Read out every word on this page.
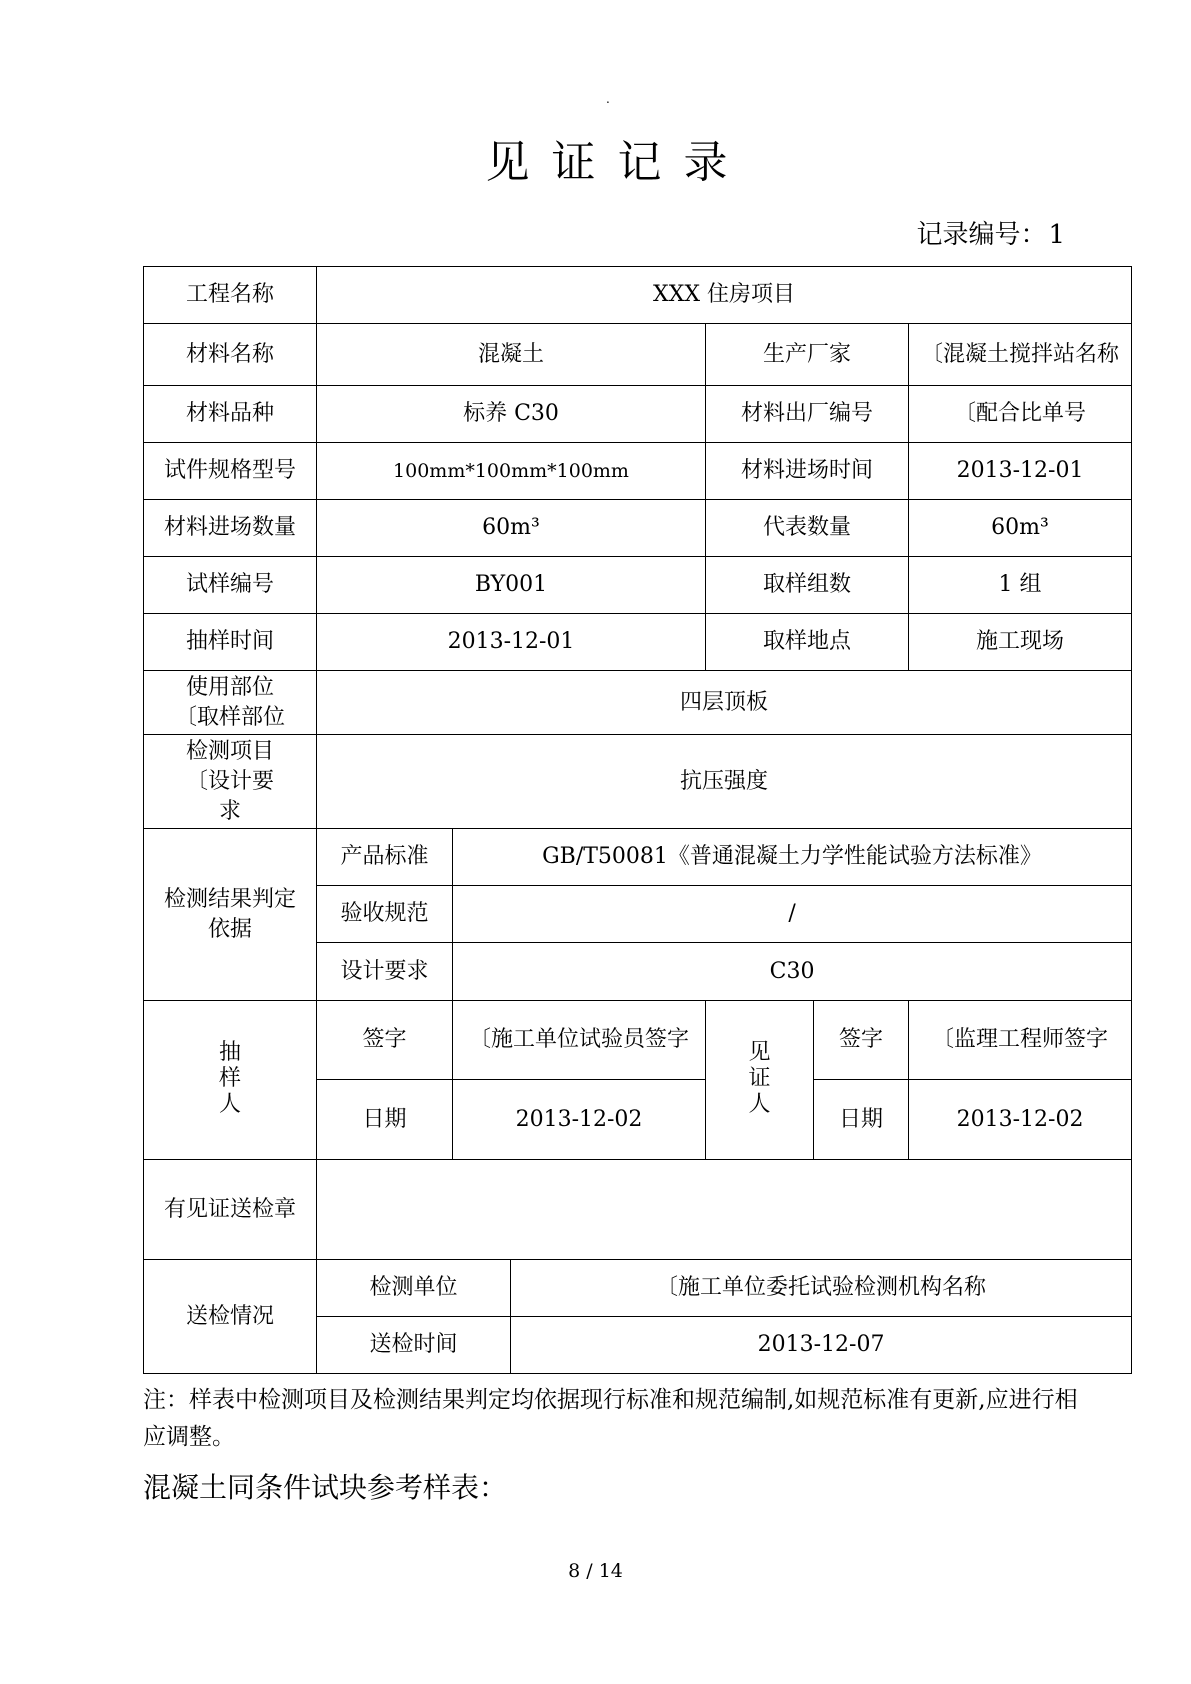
.
见证记录
记录编号：1
工程名称	XXX 住房项目					
材料名称	混凝土			生产厂家		〔混凝土搅拌站名称
材料品种	标养 C30			材料出厂编号		〔配合比单号
试件规格型号	100mm*100mm*100mm			材料进场时间		2013-12-01
材料进场数量	60m³			代表数量		60m³
试样编号	BY001			取样组数		1 组
抽样时间	2013-12-01			取样地点		施工现场
使用部位〔取样部位	四层顶板					
检测项目〔设计要求	抗压强度					
检测结果判定依据	产品标准	GB/T50081《普通混凝土力学性能试验方法标准》				
	验收规范	/				
	设计要求	C30				
抽样人	签字	〔施工单位试验员签字		见证人	签字	〔监理工程师签字
	日期	2013-12-02			日期	2013-12-02
有见证送检章						
送检情况	检测单位		〔施工单位委托试验检测机构名称			
	送检时间		2013-12-07			
注：样表中检测项目及检测结果判定均依据现行标准和规范编制,如规范标准有更新,应进行相应调整。
混凝土同条件试块参考样表：
8 / 14
